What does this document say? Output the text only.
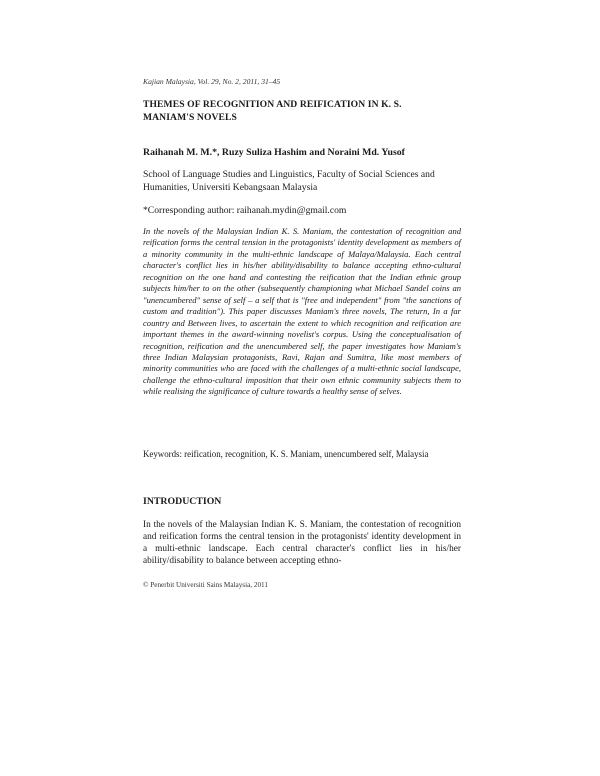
Kajian Malaysia, Vol. 29, No. 2, 2011, 31–45
THEMES OF RECOGNITION AND REIFICATION IN K. S. MANIAM'S NOVELS
Raihanah M. M.*, Ruzy Suliza Hashim and Noraini Md. Yusof
School of Language Studies and Linguistics, Faculty of Social Sciences and Humanities, Universiti Kebangsaan Malaysia
*Corresponding author: raihanah.mydin@gmail.com
In the novels of the Malaysian Indian K. S. Maniam, the contestation of recognition and reification forms the central tension in the protagonists' identity development as members of a minority community in the multi-ethnic landscape of Malaya/Malaysia. Each central character's conflict lies in his/her ability/disability to balance accepting ethno-cultural recognition on the one hand and contesting the reification that the Indian ethnic group subjects him/her to on the other (subsequently championing what Michael Sandel coins an "unencumbered" sense of self – a self that is "free and independent" from "the sanctions of custom and tradition"). This paper discusses Maniam's three novels, The return, In a far country and Between lives, to ascertain the extent to which recognition and reification are important themes in the award-winning novelist's corpus. Using the conceptualisation of recognition, reification and the unencumbered self, the paper investigates how Maniam's three Indian Malaysian protagonists, Ravi, Rajan and Sumitra, like most members of minority communities who are faced with the challenges of a multi-ethnic social landscape, challenge the ethno-cultural imposition that their own ethnic community subjects them to while realising the significance of culture towards a healthy sense of selves.
Keywords: reification, recognition, K. S. Maniam, unencumbered self, Malaysia
INTRODUCTION
In the novels of the Malaysian Indian K. S. Maniam, the contestation of recognition and reification forms the central tension in the protagonists' identity development in a multi-ethnic landscape. Each central character's conflict lies in his/her ability/disability to balance between accepting ethno-
© Penerbit Universiti Sains Malaysia, 2011
